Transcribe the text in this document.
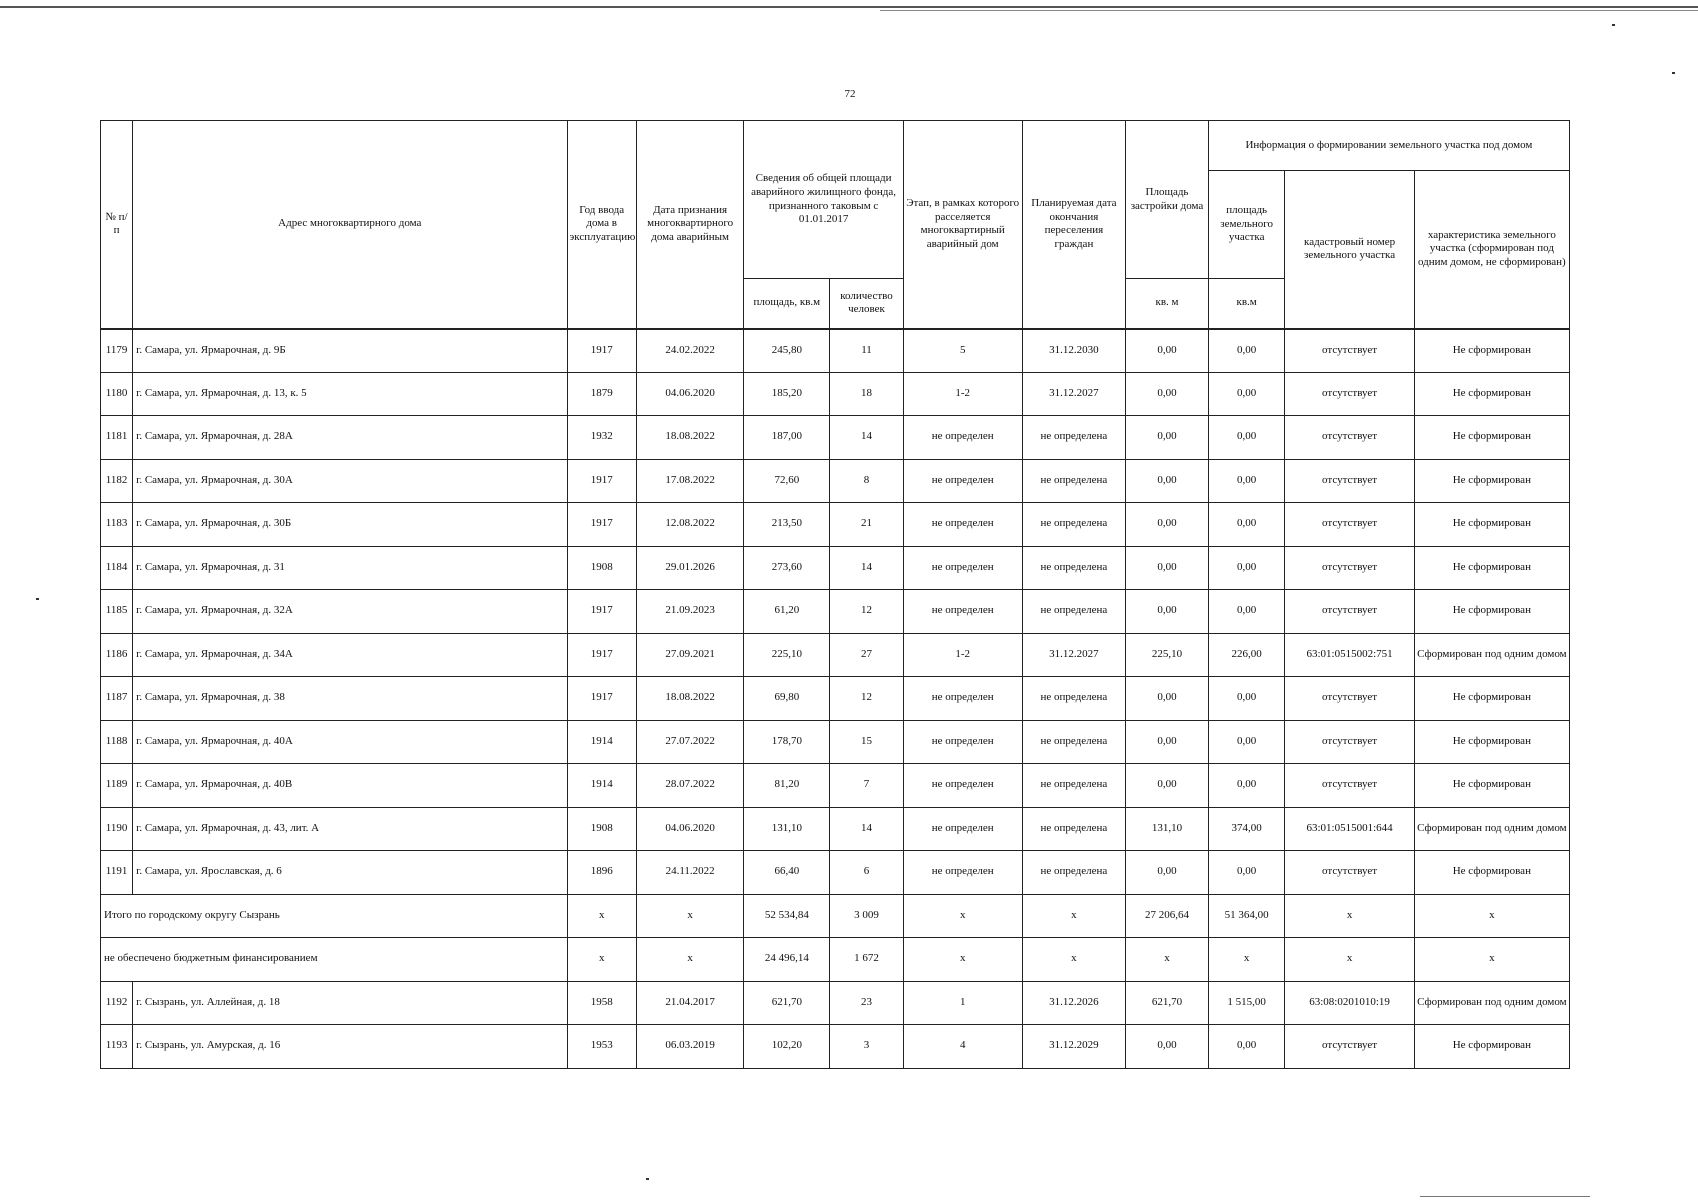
72
№ п/п	Адрес многоквартирного дома	Год ввода дома в эксплуатацию	Дата признания многоквартирного дома аварийным	Сведения об общей площади аварийного жилищного фонда, признанного таковым с 01.01.2017		Этап, в рамках которого расселяется многоквартирный аварийный дом	Планируемая дата окончания переселения граждан	Площадь застройки дома	Информация о формировании земельного участка под домом		
									площадь земельного участка	кадастровый номер земельного участка	характеристика земельного участка (сформирован под одним домом, не сформирован)
				площадь, кв.м	количество человек			кв. м	кв.м		
1179	г. Самара, ул. Ярмарочная, д. 9Б	1917	24.02.2022	245,80	11	5	31.12.2030	0,00	0,00	отсутствует	Не сформирован
1180	г. Самара, ул. Ярмарочная, д. 13, к. 5	1879	04.06.2020	185,20	18	1-2	31.12.2027	0,00	0,00	отсутствует	Не сформирован
1181	г. Самара, ул. Ярмарочная, д. 28А	1932	18.08.2022	187,00	14	не определен	не определена	0,00	0,00	отсутствует	Не сформирован
1182	г. Самара, ул. Ярмарочная, д. 30А	1917	17.08.2022	72,60	8	не определен	не определена	0,00	0,00	отсутствует	Не сформирован
1183	г. Самара, ул. Ярмарочная, д. 30Б	1917	12.08.2022	213,50	21	не определен	не определена	0,00	0,00	отсутствует	Не сформирован
1184	г. Самара, ул. Ярмарочная, д. 31	1908	29.01.2026	273,60	14	не определен	не определена	0,00	0,00	отсутствует	Не сформирован
1185	г. Самара, ул. Ярмарочная, д. 32А	1917	21.09.2023	61,20	12	не определен	не определена	0,00	0,00	отсутствует	Не сформирован
1186	г. Самара, ул. Ярмарочная, д. 34А	1917	27.09.2021	225,10	27	1-2	31.12.2027	225,10	226,00	63:01:0515002:751	Сформирован под одним домом
1187	г. Самара, ул. Ярмарочная, д. 38	1917	18.08.2022	69,80	12	не определен	не определена	0,00	0,00	отсутствует	Не сформирован
1188	г. Самара, ул. Ярмарочная, д. 40А	1914	27.07.2022	178,70	15	не определен	не определена	0,00	0,00	отсутствует	Не сформирован
1189	г. Самара, ул. Ярмарочная, д. 40В	1914	28.07.2022	81,20	7	не определен	не определена	0,00	0,00	отсутствует	Не сформирован
1190	г. Самара, ул. Ярмарочная, д. 43, лит. А	1908	04.06.2020	131,10	14	не определен	не определена	131,10	374,00	63:01:0515001:644	Сформирован под одним домом
1191	г. Самара, ул. Ярославская, д. 6	1896	24.11.2022	66,40	6	не определен	не определена	0,00	0,00	отсутствует	Не сформирован
Итого по городскому округу Сызрань		x	x	52 534,84	3 009	x	x	27 206,64	51 364,00	x	x
не обеспечено бюджетным финансированием		x	x	24 496,14	1 672	x	x	x	x	x	x
1192	г. Сызрань, ул. Аллейная, д. 18	1958	21.04.2017	621,70	23	1	31.12.2026	621,70	1 515,00	63:08:0201010:19	Сформирован под одним домом
1193	г. Сызрань, ул. Амурская, д. 16	1953	06.03.2019	102,20	3	4	31.12.2029	0,00	0,00	отсутствует	Не сформирован
